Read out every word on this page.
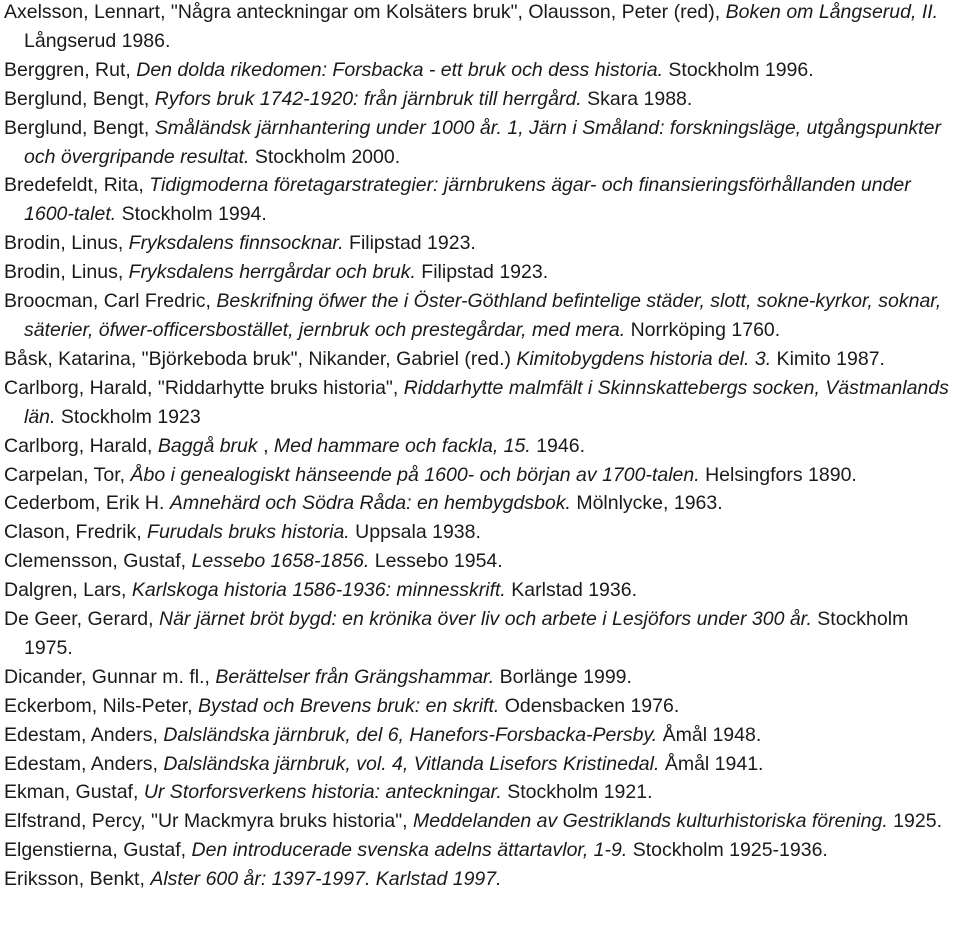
Axelsson, Lennart, "Några anteckningar om Kolsäters bruk", Olausson, Peter (red), Boken om Långserud, II. Långserud 1986.

Berggren, Rut, Den dolda rikedomen: Forsbacka - ett bruk och dess historia. Stockholm 1996.

Berglund, Bengt, Ryfors bruk 1742-1920: från järnbruk till herrgård. Skara 1988.

Berglund, Bengt, Småländsk järnhantering under 1000 år. 1, Järn i Småland: forskningsläge, utgångspunkter och övergripande resultat. Stockholm 2000.

Bredefeldt, Rita, Tidigmoderna företagarstrategier: järnbrukens ägar- och finansieringsförhållanden under 1600-talet. Stockholm 1994.

Brodin, Linus, Fryksdalens finnsocknar. Filipstad 1923.

Brodin, Linus, Fryksdalens herrgårdar och bruk. Filipstad 1923.

Broocman, Carl Fredric, Beskrifning öfwer the i Öster-Göthland befintelige städer, slott, sokne-kyrkor, soknar, säterier, öfwer-officersbostället, jernbruk och prestegårdar, med mera. Norrköping 1760.

Båsk, Katarina, "Björkeboda bruk", Nikander, Gabriel (red.) Kimitobygdens historia del. 3. Kimito 1987.

Carlborg, Harald, "Riddarhytte bruks historia", Riddarhytte malmfält i Skinnskattebergs socken, Västmanlands län. Stockholm 1923

Carlborg, Harald, Baggå bruk , Med hammare och fackla, 15. 1946.

Carpelan, Tor, Åbo i genealogiskt hänseende på 1600- och början av 1700-talen. Helsingfors 1890.

Cederbom, Erik H. Amnehärd och Södra Råda: en hembygdsbok. Mölnlycke, 1963.

Clason, Fredrik, Furudals bruks historia. Uppsala 1938.

Clemensson, Gustaf, Lessebo 1658-1856. Lessebo 1954.

Dalgren, Lars, Karlskoga historia 1586-1936: minnesskrift. Karlstad 1936.

De Geer, Gerard, När järnet bröt bygd: en krönika över liv och arbete i Lesjöfors under 300 år. Stockholm 1975.

Dicander, Gunnar m. fl., Berättelser från Grängshammar. Borlänge 1999.

Eckerbom, Nils-Peter, Bystad och Brevens bruk: en skrift. Odensbacken 1976.

Edestam, Anders, Dalsländska järnbruk, del 6, Hanefors-Forsbacka-Persby. Åmål 1948.

Edestam, Anders, Dalsländska järnbruk, vol. 4, Vitlanda Lisefors Kristinedal. Åmål 1941.

Ekman, Gustaf, Ur Storforsverkens historia: anteckningar. Stockholm 1921.

Elfstrand, Percy, "Ur Mackmyra bruks historia", Meddelanden av Gestriklands kulturhistoriska förening. 1925.

Elgenstierna, Gustaf, Den introducerade svenska adelns ättartavlor, 1-9. Stockholm 1925-1936.

Eriksson, Benkt, Alster 600 år: 1397-1997. Karlstad 1997.
